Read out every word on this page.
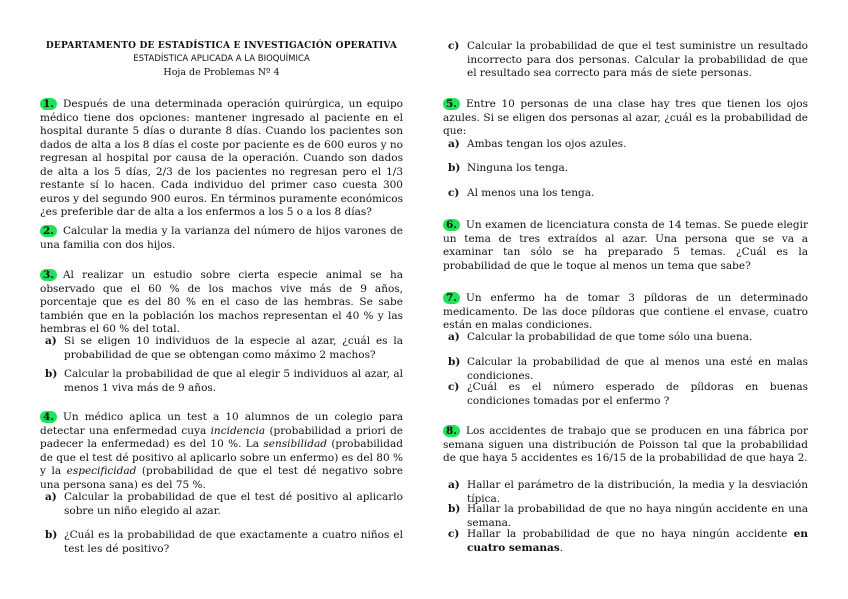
DEPARTAMENTO DE ESTADÍSTICA E INVESTIGACIÓN OPERATIVA
ESTADÍSTICA APLICADA A LA BIOQUÍMICA
Hoja de Problemas Nº 4
1. Después de una determinada operación quirúrgica, un equipo médico tiene dos opciones: mantener ingresado al paciente en el hospital durante 5 días o durante 8 días. Cuando los pacientes son dados de alta a los 8 días el coste por paciente es de 600 euros y no regresan al hospital por causa de la operación. Cuando son dados de alta a los 5 días, 2/3 de los pacientes no regresan pero el 1/3 restante sí lo hacen. Cada individuo del primer caso cuesta 300 euros y del segundo 900 euros. En términos puramente económicos ¿es preferible dar de alta a los enfermos a los 5 o a los 8 días?
2. Calcular la media y la varianza del número de hijos varones de una familia con dos hijos.
3. Al realizar un estudio sobre cierta especie animal se ha observado que el 60 % de los machos vive más de 9 años, porcentaje que es del 80 % en el caso de las hembras. Se sabe también que en la población los machos representan el 40 % y las hembras el 60 % del total.
a) Si se eligen 10 individuos de la especie al azar, ¿cuál es la probabilidad de que se obtengan como máximo 2 machos?
b) Calcular la probabilidad de que al elegir 5 individuos al azar, al menos 1 viva más de 9 años.
4. Un médico aplica un test a 10 alumnos de un colegio para detectar una enfermedad cuya incidencia (probabilidad a priori de padecer la enfermedad) es del 10 %. La sensibilidad (probabilidad de que el test dé positivo al aplicarlo sobre un enfermo) es del 80 % y la especificidad (probabilidad de que el test dé negativo sobre una persona sana) es del 75 %.
a) Calcular la probabilidad de que el test dé positivo al aplicarlo sobre un niño elegido al azar.
b) ¿Cuál es la probabilidad de que exactamente a cuatro niños el test les dé positivo?
c) Calcular la probabilidad de que el test suministre un resultado incorrecto para dos personas. Calcular la probabilidad de que el resultado sea correcto para más de siete personas.
5. Entre 10 personas de una clase hay tres que tienen los ojos azules. Si se eligen dos personas al azar, ¿cuál es la probabilidad de que:
a) Ambas tengan los ojos azules.
b) Ninguna los tenga.
c) Al menos una los tenga.
6. Un examen de licenciatura consta de 14 temas. Se puede elegir un tema de tres extraídos al azar. Una persona que se va a examinar tan sólo se ha preparado 5 temas. ¿Cuál es la probabilidad de que le toque al menos un tema que sabe?
7. Un enfermo ha de tomar 3 píldoras de un determinado medicamento. De las doce píldoras que contiene el envase, cuatro están en malas condiciones.
a) Calcular la probabilidad de que tome sólo una buena.
b) Calcular la probabilidad de que al menos una esté en malas condiciones.
c) ¿Cuál es el número esperado de píldoras en buenas condiciones tomadas por el enfermo ?
8. Los accidentes de trabajo que se producen en una fábrica por semana siguen una distribución de Poisson tal que la probabilidad de que haya 5 accidentes es 16/15 de la probabilidad de que haya 2.
a) Hallar el parámetro de la distribución, la media y la desviación típica.
b) Hallar la probabilidad de que no haya ningún accidente en una semana.
c) Hallar la probabilidad de que no haya ningún accidente en cuatro semanas.
